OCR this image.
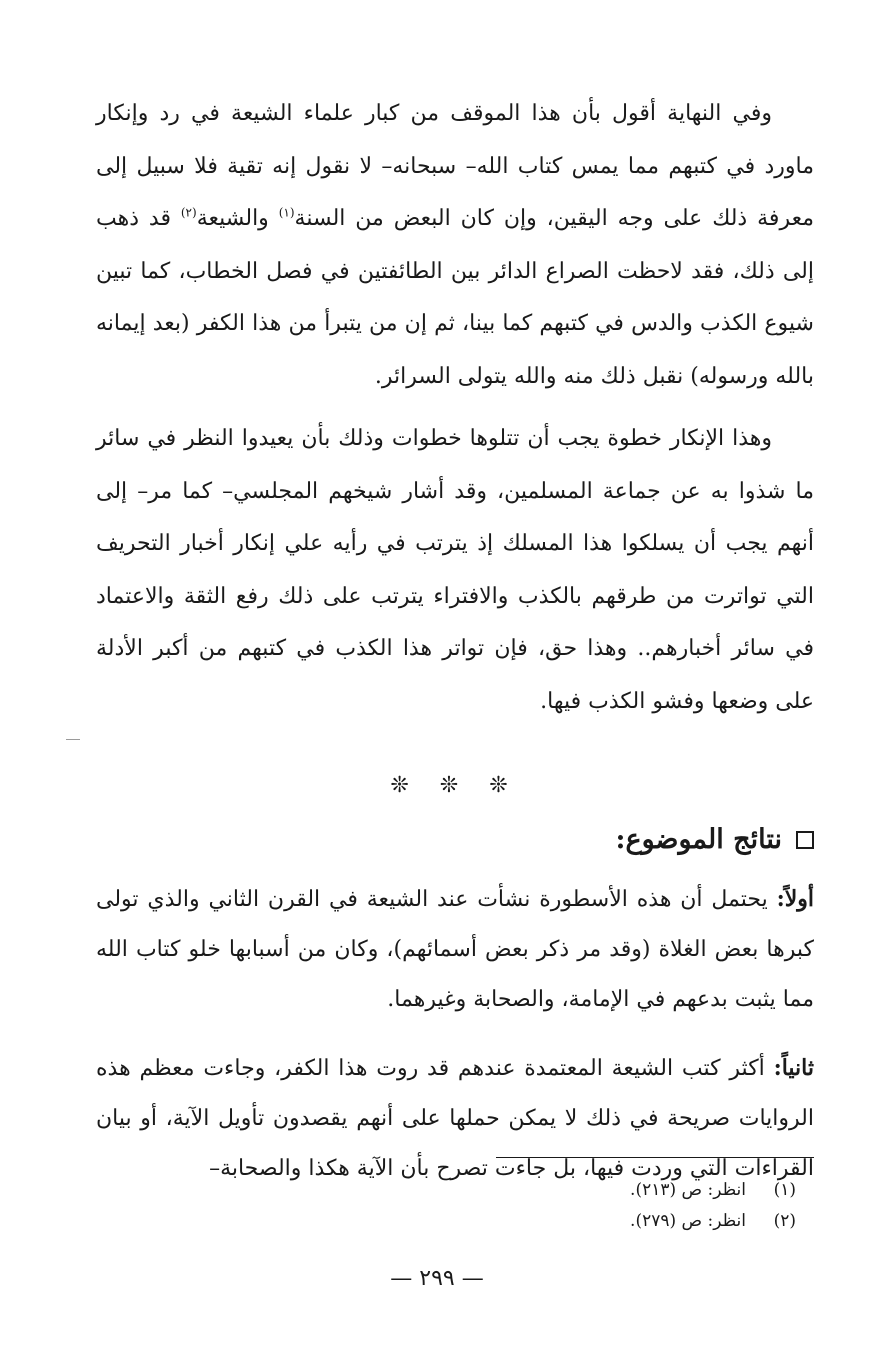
وفي النهاية أقول بأن هذا الموقف من كبار علماء الشيعة في رد وإنكار ماورد في كتبهم مما يمس كتاب الله– سبحانه– لا نقول إنه تقية فلا سبيل إلى معرفة ذلك على وجه اليقين، وإن كان البعض من السنة$^{(١)}$ والشيعة$^{(٢)}$ قد ذهب إلى ذلك، فقد لاحظت الصراع الدائر بين الطائفتين في فصل الخطاب، كما تبين شيوع الكذب والدس في كتبهم كما بينا، ثم إن من يتبرأ من هذا الكفر (بعد إيمانه بالله ورسوله) نقبل ذلك منه والله يتولى السرائر.

وهذا الإنكار خطوة يجب أن تتلوها خطوات وذلك بأن يعيدوا النظر في سائر ما شذوا به عن جماعة المسلمين، وقد أشار شيخهم المجلسي– كما مر– إلى أنهم يجب أن يسلكوا هذا المسلك إذ يترتب في رأيه علي إنكار أخبار التحريف التي تواترت من طرقهم بالكذب والافتراء يترتب على ذلك رفع الثقة والاعتماد في سائر أخبارهم.. وهذا حق، فإن تواتر هذا الكذب في كتبهم من أكبر الأدلة على وضعها وفشو الكذب فيها.

❊ ❊ ❊
نتائج الموضوع:

أولاً: يحتمل أن هذه الأسطورة نشأت عند الشيعة في القرن الثاني والذي تولى كبرها بعض الغلاة (وقد مر ذكر بعض أسمائهم)، وكان من أسبابها خلو كتاب الله مما يثبت بدعهم في الإمامة، والصحابة وغيرهما.

ثانياً: أكثر كتب الشيعة المعتمدة عندهم قد روت هذا الكفر، وجاءت معظم هذه الروايات صريحة في ذلك لا يمكن حملها على أنهم يقصدون تأويل الآية، أو بيان القراءات التي وردت فيها، بل جاءت تصرح بأن الآية هكذا والصحابة–

(١)
انظر: ص (٢١٣).
(٢)
انظر: ص (٢٧٩).
— ٢٩٩ —
